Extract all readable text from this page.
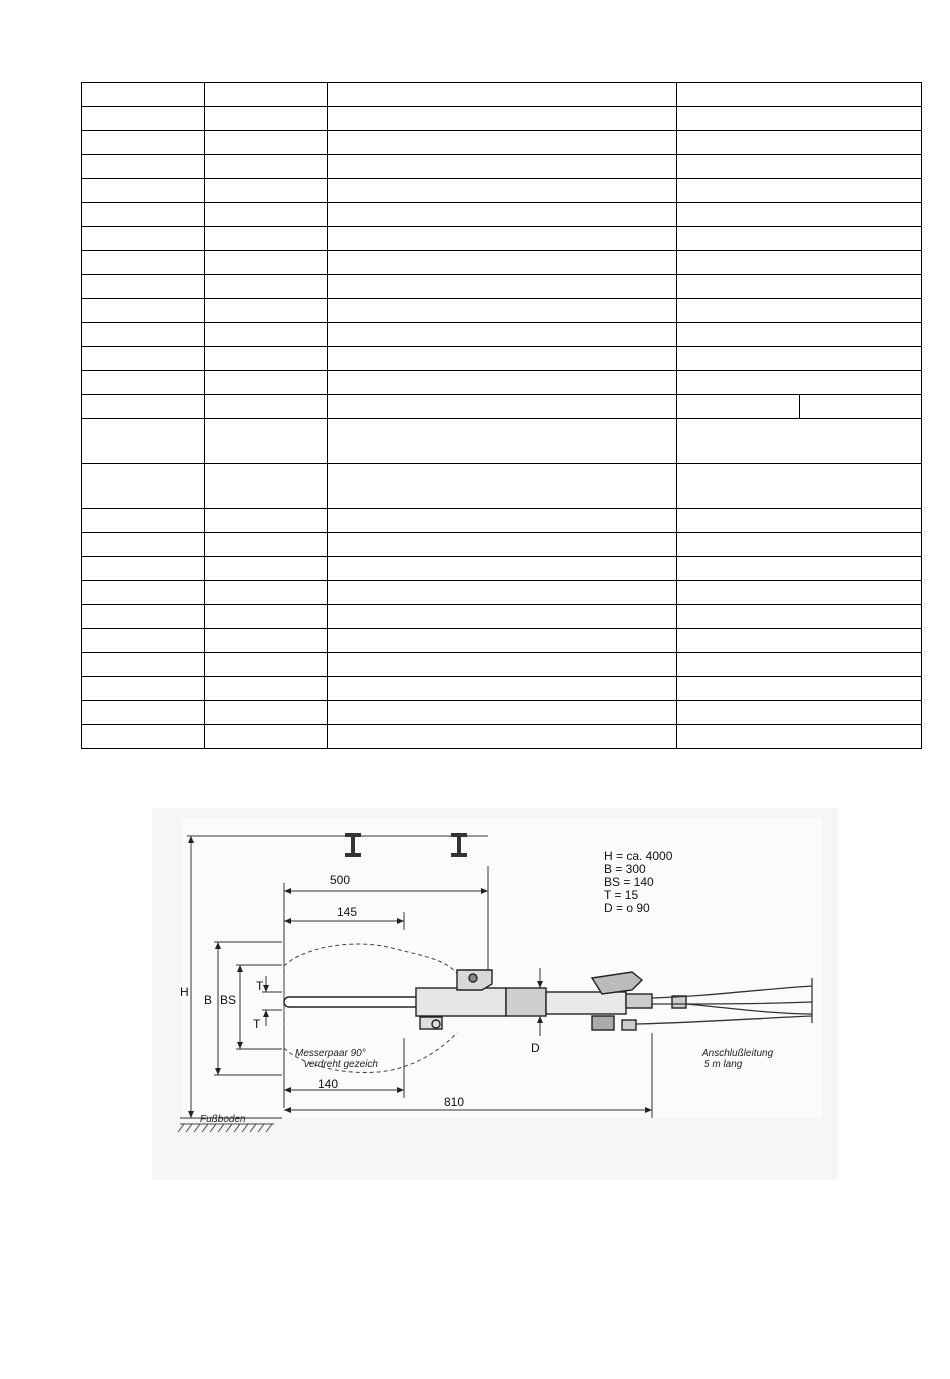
H
Fußboden
500
145
B BS
T
T
D
140
810
Messerpaar 90°
verdreht gezeich
Anschlußleitung
5 m lang
H = ca. 4000
B = 300
BS = 140
T = 15
D = o 90
